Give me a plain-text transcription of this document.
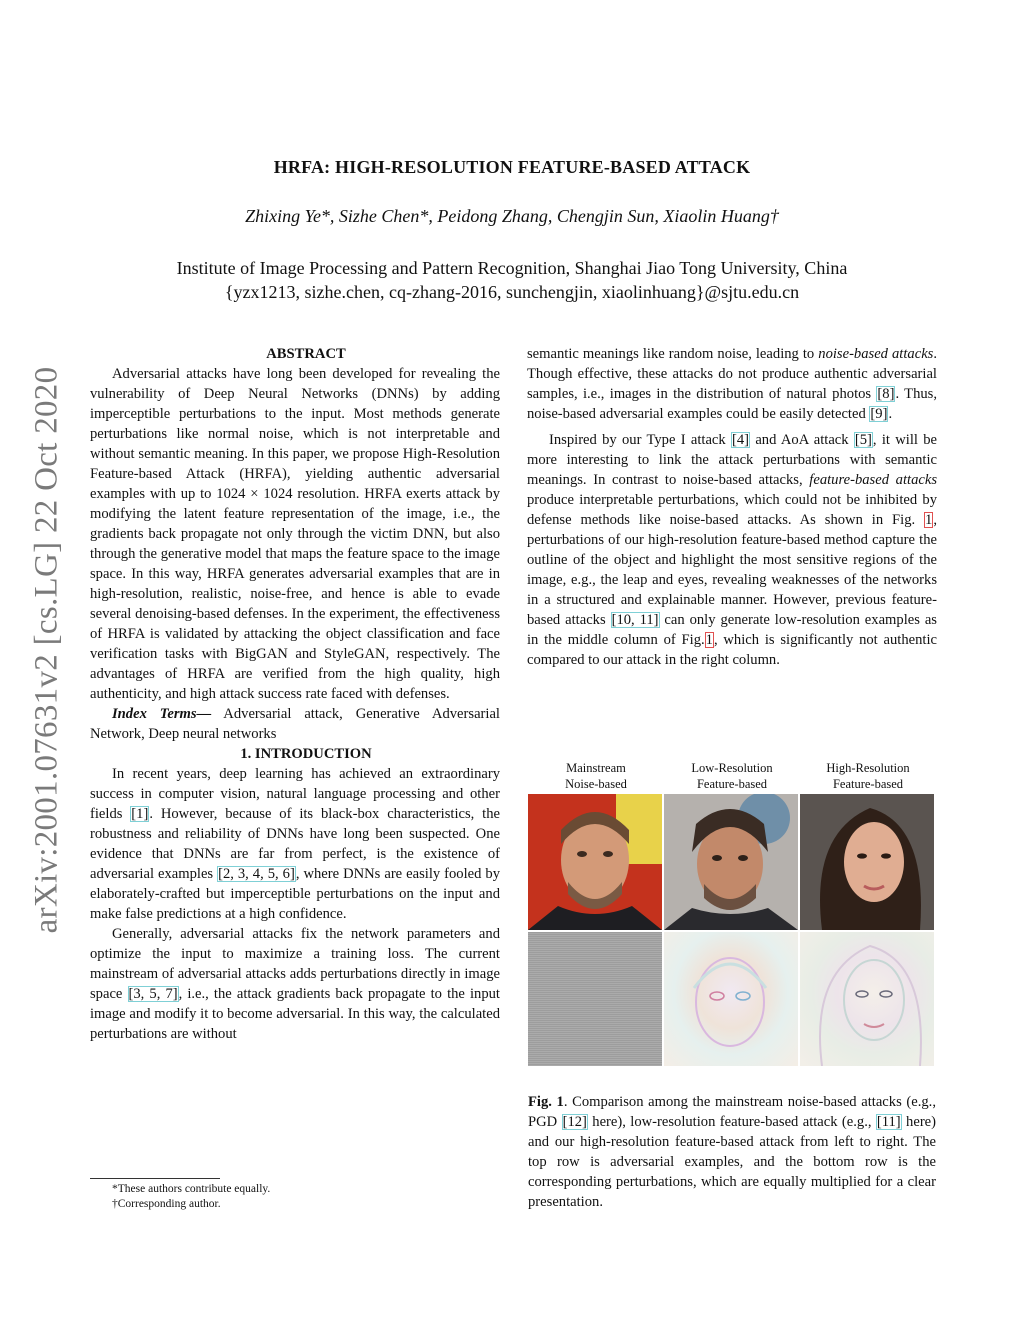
arXiv:2001.07631v2 [cs.LG] 22 Oct 2020
HRFA: HIGH-RESOLUTION FEATURE-BASED ATTACK
Zhixing Ye*, Sizhe Chen*, Peidong Zhang, Chengjin Sun, Xiaolin Huang†
Institute of Image Processing and Pattern Recognition, Shanghai Jiao Tong University, China
{yzx1213, sizhe.chen, cq-zhang-2016, sunchengjin, xiaolinhuang}@sjtu.edu.cn

ABSTRACT

Adversarial attacks have long been developed for revealing the vulnerability of Deep Neural Networks (DNNs) by adding imperceptible perturbations to the input. Most methods generate perturbations like normal noise, which is not interpretable and without semantic meaning. In this paper, we propose High-Resolution Feature-based Attack (HRFA), yielding authentic adversarial examples with up to 1024 × 1024 resolution. HRFA exerts attack by modifying the latent feature representation of the image, i.e., the gradients back propagate not only through the victim DNN, but also through the generative model that maps the feature space to the image space. In this way, HRFA generates adversarial examples that are in high-resolution, realistic, noise-free, and hence is able to evade several denoising-based defenses. In the experiment, the effectiveness of HRFA is validated by attacking the object classification and face verification tasks with BigGAN and StyleGAN, respectively. The advantages of HRFA are verified from the high quality, high authenticity, and high attack success rate faced with defenses.

Index Terms— Adversarial attack, Generative Adversarial Network, Deep neural networks

1. INTRODUCTION

In recent years, deep learning has achieved an extraordinary success in computer vision, natural language processing and other fields [1]. However, because of its black-box characteristics, the robustness and reliability of DNNs have long been suspected. One evidence that DNNs are far from perfect, is the existence of adversarial examples [2, 3, 4, 5, 6], where DNNs are easily fooled by elaborately-crafted but imperceptible perturbations on the input and make false predictions at a high confidence.

Generally, adversarial attacks fix the network parameters and optimize the input to maximize a training loss. The current mainstream of adversarial attacks adds perturbations directly in image space [3, 5, 7], i.e., the attack gradients back propagate to the input image and modify it to become adversarial. In this way, the calculated perturbations are without

*These authors contribute equally.
†Corresponding author.

semantic meanings like random noise, leading to noise-based attacks. Though effective, these attacks do not produce authentic adversarial samples, i.e., images in the distribution of natural photos [8]. Thus, noise-based adversarial examples could be easily detected [9].

Inspired by our Type I attack [4] and AoA attack [5], it will be more interesting to link the attack perturbations with semantic meanings. In contrast to noise-based attacks, feature-based attacks produce interpretable perturbations, which could not be inhibited by defense methods like noise-based attacks. As shown in Fig. 1, perturbations of our high-resolution feature-based method capture the outline of the object and highlight the most sensitive regions of the image, e.g., the leap and eyes, revealing weaknesses of the networks in a structured and explainable manner. However, previous feature-based attacks [10, 11] can only generate low-resolution examples as in the middle column of Fig.1, which is significantly not authentic compared to our attack in the right column.

Mainstream
Noise-based
Low-Resolution
Feature-based
High-Resolution
Feature-based
Fig. 1. Comparison among the mainstream noise-based attacks (e.g., PGD [12] here), low-resolution feature-based attack (e.g., [11] here) and our high-resolution feature-based attack from left to right. The top row is adversarial examples, and the bottom row is the corresponding perturbations, which are equally multiplied for a clear presentation.
